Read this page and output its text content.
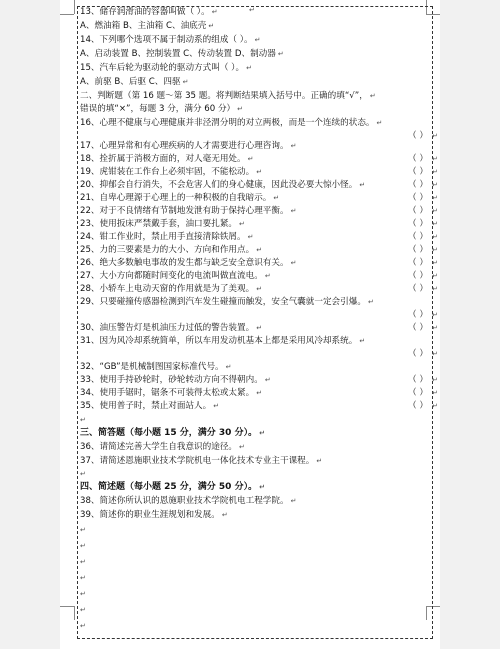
13、储存润滑油的容器叫做（ ）。 ↵
A、燃油箱 B、主油箱 C、油底壳 ↵
14、下列哪个选项不属于制动系的组成（ ）。 ↵
A、启动装置 B、控制装置 C、传动装置 D、制动器 ↵
15、汽车后轮为驱动轮的驱动方式叫（ ）。 ↵
A、前驱 B、后驱 C、四驱 ↵
二、判断题（第 16 题～第 35 题。将判断结果填入括号中。正确的填“√”， ↵
错误的填“×”，每题 3 分，满分 60 分） ↵
16、心理不健康与心理健康并非泾渭分明的对立两极，而是一个连续的状态。 ↵
17、心理异常和有心理疾病的人才需要进行心理咨询。 ↵
18、拴折属于消极方面的，对人毫无用处。 ↵
19、虎钳装在工作台上必须牢固，不能松动。 ↵
20、抑郁会自行消失，不会危害人们的身心健康，因此没必要大惊小怪。 ↵
21、自卑心理源于心理上的一种积极的自我暗示。 ↵
22、对于不良情绪有节制地发泄有助于保持心理平衡。 ↵
23、使用扳床严禁戴手套，油口要扎紧。 ↵
24、钳工作业时，禁止用手直接清除铁屑。 ↵
25、力的三要素是力的大小、方向和作用点。 ↵
26、绝大多数触电事故的发生都与缺乏安全意识有关。 ↵
27、大小方向都随时间变化的电流叫做直流电。 ↵
28、小轿车上电动天窗的作用就是为了美观。 ↵
29、只要碰撞传感器检测到汽车发生碰撞而触发，安全气囊就一定会引爆。 ↵
30、油压警告灯是机油压力过低的警告装置。 ↵
31、因为风冷却系统简单，所以车用发动机基本上都是采用风冷却系统。 ↵
32、“GB”是机械制图国家标准代号。 ↵
33、使用手持砂轮时，砂轮转动方向不得朝内。 ↵
34、使用手锯时，锯条不可装得太松或太紧。 ↵
35、使用普子时，禁止对面站人。 ↵
三、简答题（每小题 15 分，满分 30 分）。 ↵
36、请简述完善大学生自我意识的途径。 ↵
37、请简述恩施职业技术学院机电一体化技术专业主干课程。 ↵
四、简述题（每小题 25 分，满分 50 分）。 ↵
38、简述你所认识的恩施职业技术学院机电工程学院。 ↵
39、简述你的职业生涯规划和发展。 ↵
（ ） ↵
（ ） ↵
（ ） ↵
（ ） ↵
（ ） ↵
（ ） ↵
（ ） ↵
（ ） ↵
（ ） ↵
（ ） ↵
（ ） ↵
（ ） ↵
（ ） ↵
（ ） ↵
（ ） ↵
（ ） ↵
（ ） ↵
（ ） ↵
↵
↵
↵
↵
↵
↵
↵
↵
↵
↵
